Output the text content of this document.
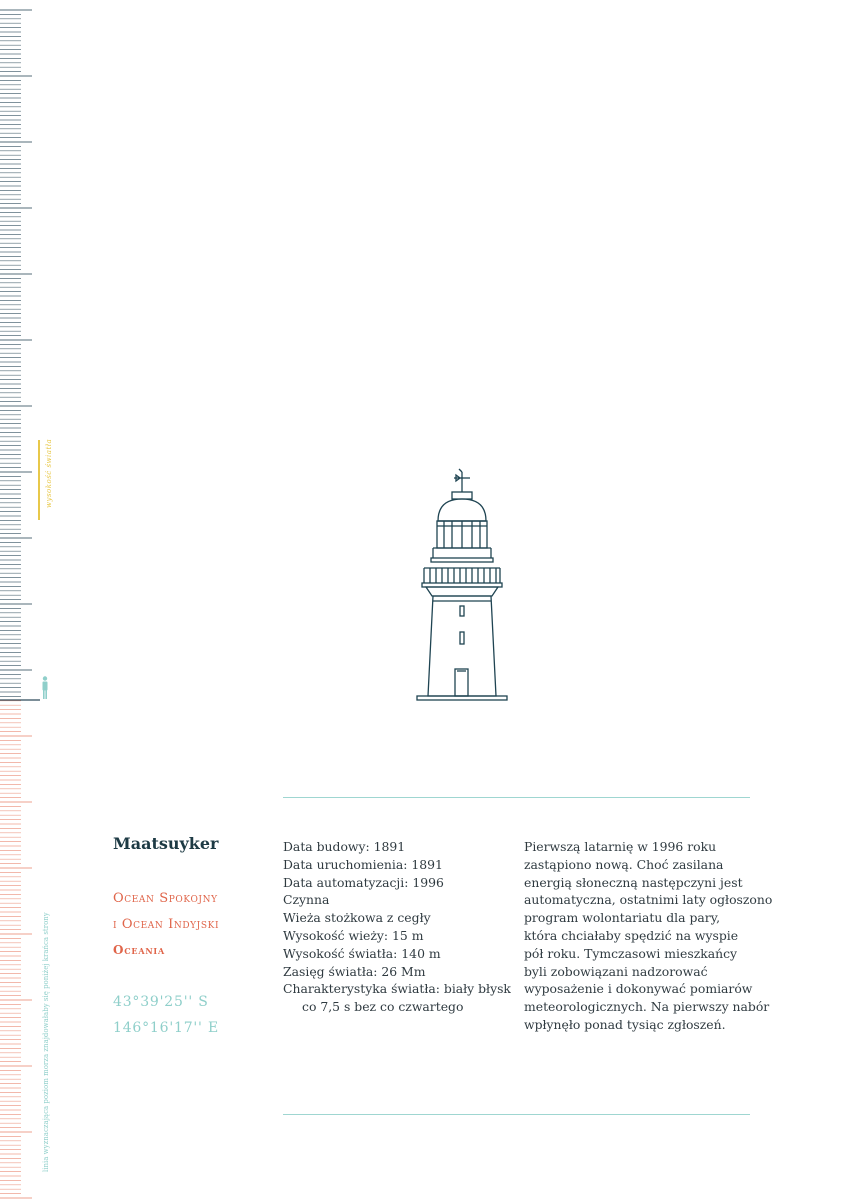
wysokość światła
linia wyznaczająca poziom morza znajdowałaby się poniżej krańca strony
Maatsuyker
Ocean Spokojny
i Ocean Indyjski
Oceania
43°39'25'' S
146°16'17'' E
Data budowy: 1891
Data uruchomienia: 1891
Data automatyzacji: 1996
Czynna
Wieża stożkowa z cegły
Wysokość wieży: 15 m
Wysokość światła: 140 m
Zasięg światła: 26 Mm
Charakterystyka światła: biały błysk
co 7,5 s bez co czwartego
Pierwszą latarnię w 1996 roku
zastąpiono nową. Choć zasilana
energią słoneczną następczyni jest
automatyczna, ostatnimi laty ogłoszono
program wolontariatu dla pary,
która chciałaby spędzić na wyspie
pół roku. Tymczasowi mieszkańcy
byli zobowiązani nadzorować
wyposażenie i dokonywać pomiarów
meteorologicznych. Na pierwszy nabór
wpłynęło ponad tysiąc zgłoszeń.
